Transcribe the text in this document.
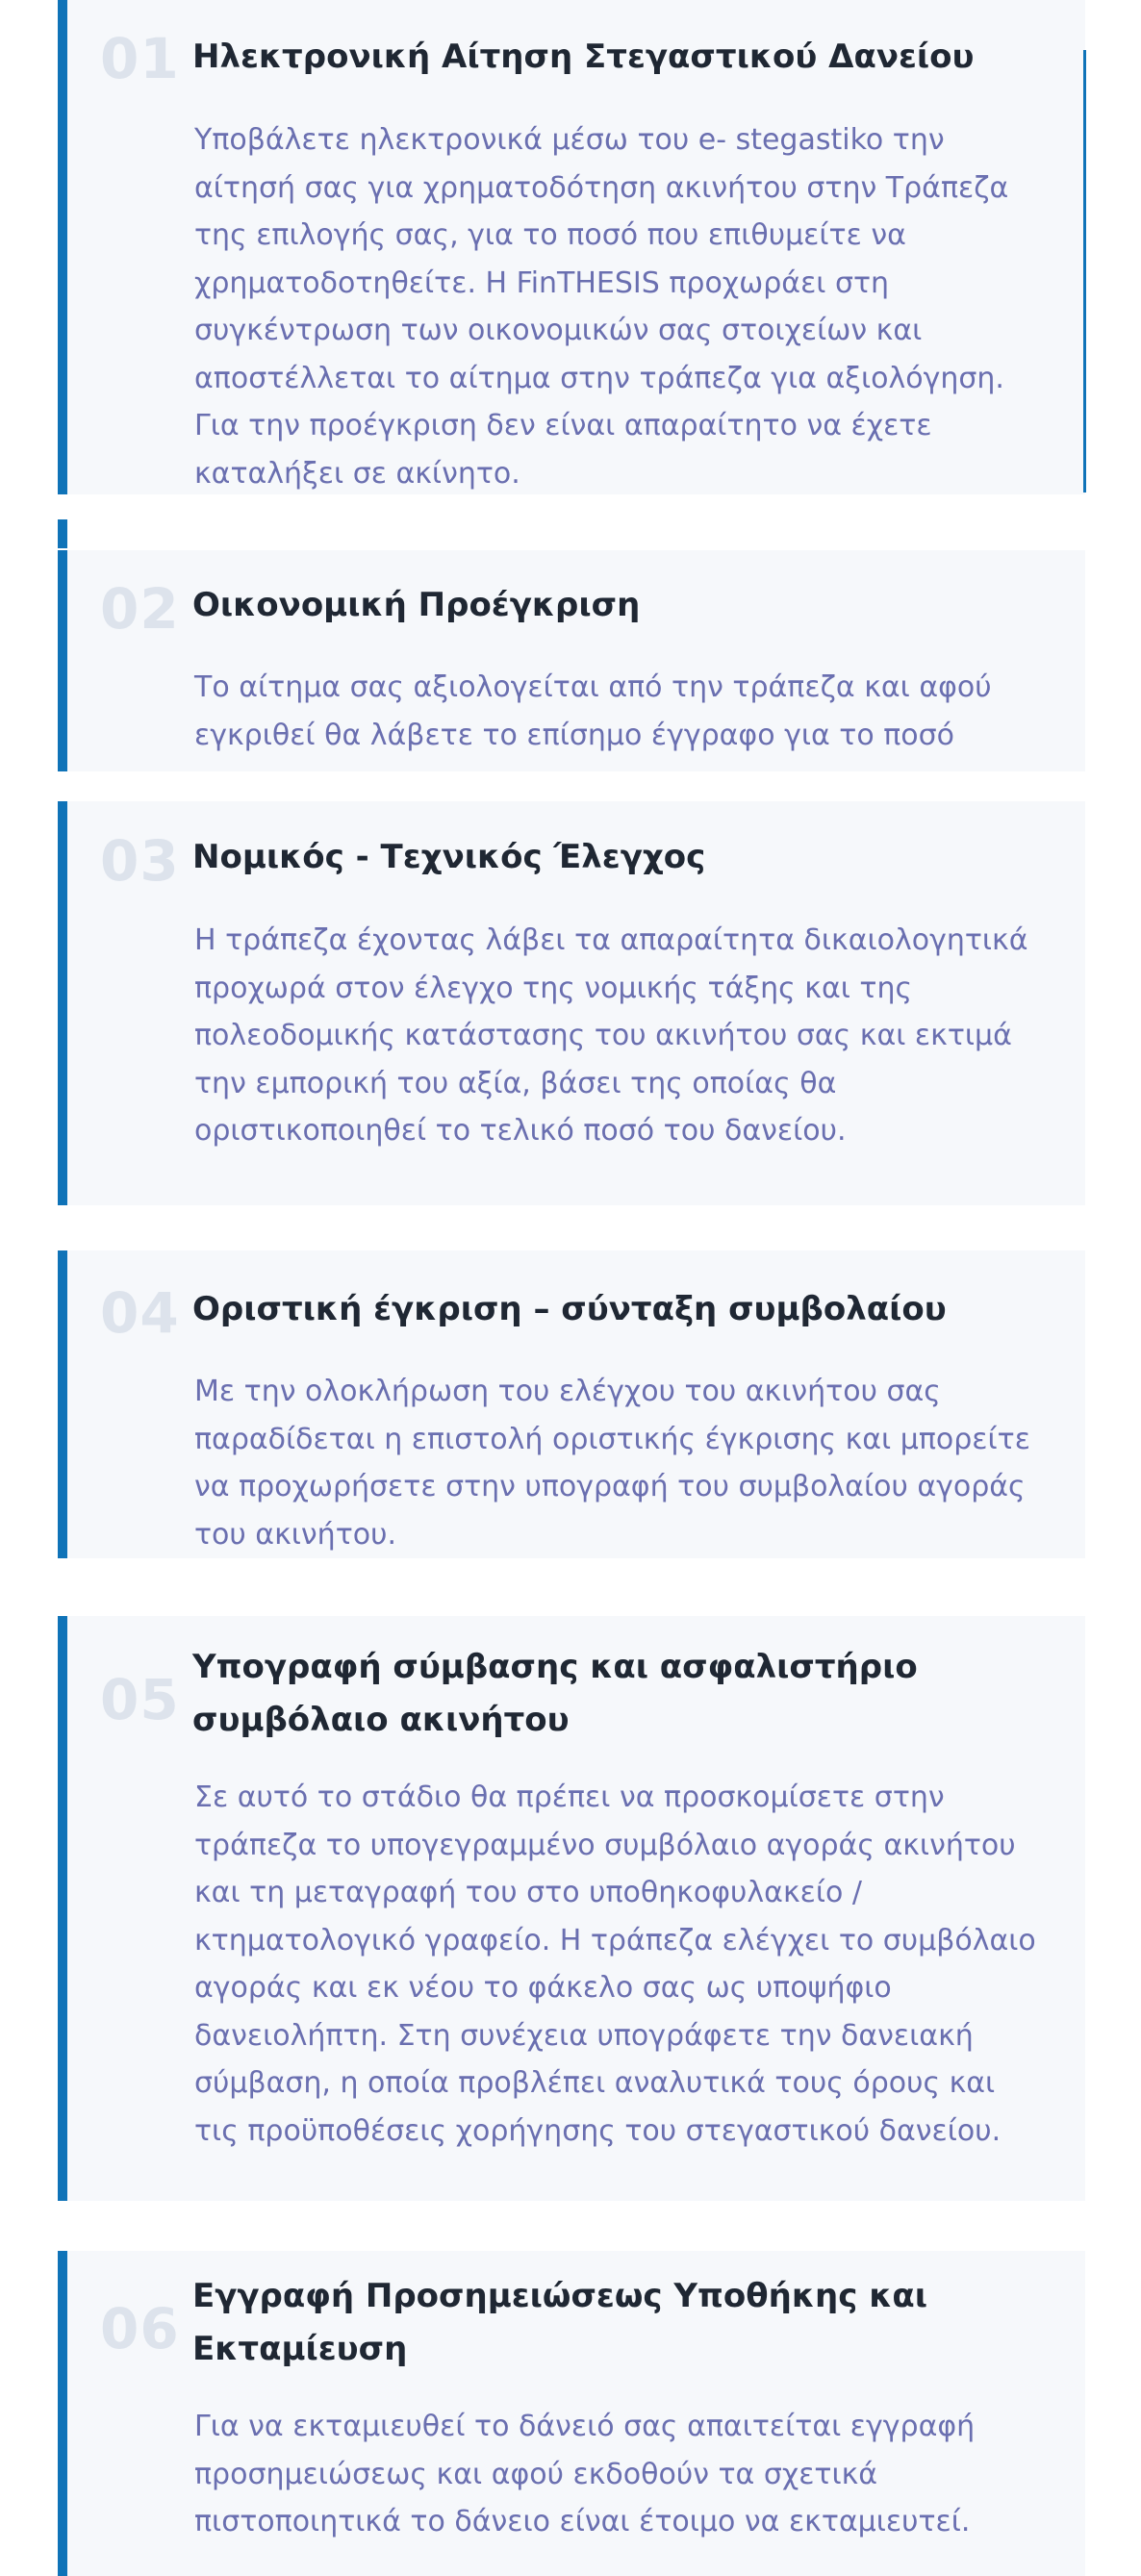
01 Ηλεκτρονική Αίτηση Στεγαστικού Δανείου

Υποβάλετε ηλεκτρονικά μέσω του e- stegastiko την αίτησή σας για χρηματοδότηση ακινήτου στην Τράπεζα της επιλογής σας, για το ποσό που επιθυμείτε να χρηματοδοτηθείτε. Η FinTHESIS προχωράει στη συγκέντρωση των οικονομικών σας στοιχείων και αποστέλλεται το αίτημα στην τράπεζα για αξιολόγηση. Για την προέγκριση δεν είναι απαραίτητο να έχετε καταλήξει σε ακίνητο.

02 Οικονομική Προέγκριση

Το αίτημα σας αξιολογείται από την τράπεζα και αφού εγκριθεί θα λάβετε το επίσημο έγγραφο για το ποσό

03 Νομικός - Τεχνικός Έλεγχος

Η τράπεζα έχοντας λάβει τα απαραίτητα δικαιολογητικά προχωρά στον έλεγχο της νομικής τάξης και της πολεοδομικής κατάστασης του ακινήτου σας και εκτιμά την εμπορική του αξία, βάσει της οποίας θα οριστικοποιηθεί το τελικό ποσό του δανείου.

04 Οριστική έγκριση – σύνταξη συμβολαίου

Με την ολοκλήρωση του ελέγχου του ακινήτου σας παραδίδεται η επιστολή οριστικής έγκρισης και μπορείτε να προχωρήσετε στην υπογραφή του συμβολαίου αγοράς του ακινήτου.

05 Υπογραφή σύμβασης και ασφαλιστήριο συμβόλαιο ακινήτου

Σε αυτό το στάδιο θα πρέπει να προσκομίσετε στην τράπεζα το υπογεγραμμένο συμβόλαιο αγοράς ακινήτου και τη μεταγραφή του στο υποθηκοφυλακείο / κτηματολογικό γραφείο. Η τράπεζα ελέγχει το συμβόλαιο αγοράς και εκ νέου το φάκελο σας ως υποψήφιο δανειολήπτη. Στη συνέχεια υπογράφετε την δανειακή σύμβαση, η οποία προβλέπει αναλυτικά τους όρους και τις προϋποθέσεις χορήγησης του στεγαστικού δανείου.

06 Εγγραφή Προσημειώσεως Υποθήκης και Εκταμίευση

Για να εκταμιευθεί το δάνειό σας απαιτείται εγγραφή προσημειώσεως και αφού εκδοθούν τα σχετικά πιστοποιητικά το δάνειο είναι έτοιμο να εκταμιευτεί.
